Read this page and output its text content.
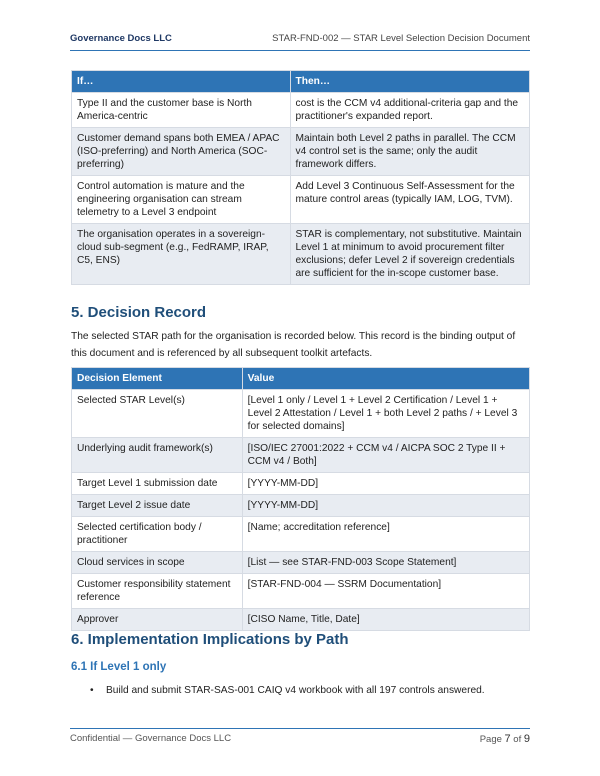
Governance Docs LLC	STAR-FND-002 — STAR Level Selection Decision Document
If…	Then…
Type II and the customer base is North America-centric	cost is the CCM v4 additional-criteria gap and the practitioner's expanded report.
Customer demand spans both EMEA / APAC (ISO-preferring) and North America (SOC-preferring)	Maintain both Level 2 paths in parallel. The CCM v4 control set is the same; only the audit framework differs.
Control automation is mature and the engineering organisation can stream telemetry to a Level 3 endpoint	Add Level 3 Continuous Self-Assessment for the mature control areas (typically IAM, LOG, TVM).
The organisation operates in a sovereign-cloud sub-segment (e.g., FedRAMP, IRAP, C5, ENS)	STAR is complementary, not substitutive. Maintain Level 1 at minimum to avoid procurement filter exclusions; defer Level 2 if sovereign credentials are sufficient for the in-scope customer base.
5. Decision Record
The selected STAR path for the organisation is recorded below. This record is the binding output of this document and is referenced by all subsequent toolkit artefacts.
Decision Element	Value
Selected STAR Level(s)	[Level 1 only / Level 1 + Level 2 Certification / Level 1 + Level 2 Attestation / Level 1 + both Level 2 paths / + Level 3 for selected domains]
Underlying audit framework(s)	[ISO/IEC 27001:2022 + CCM v4 / AICPA SOC 2 Type II + CCM v4 / Both]
Target Level 1 submission date	[YYYY-MM-DD]
Target Level 2 issue date	[YYYY-MM-DD]
Selected certification body / practitioner	[Name; accreditation reference]
Cloud services in scope	[List — see STAR-FND-003 Scope Statement]
Customer responsibility statement reference	[STAR-FND-004 — SSRM Documentation]
Approver	[CISO Name, Title, Date]
6. Implementation Implications by Path
6.1 If Level 1 only
•	Build and submit STAR-SAS-001 CAIQ v4 workbook with all 197 controls answered.
Confidential — Governance Docs LLC	Page 7 of 9
